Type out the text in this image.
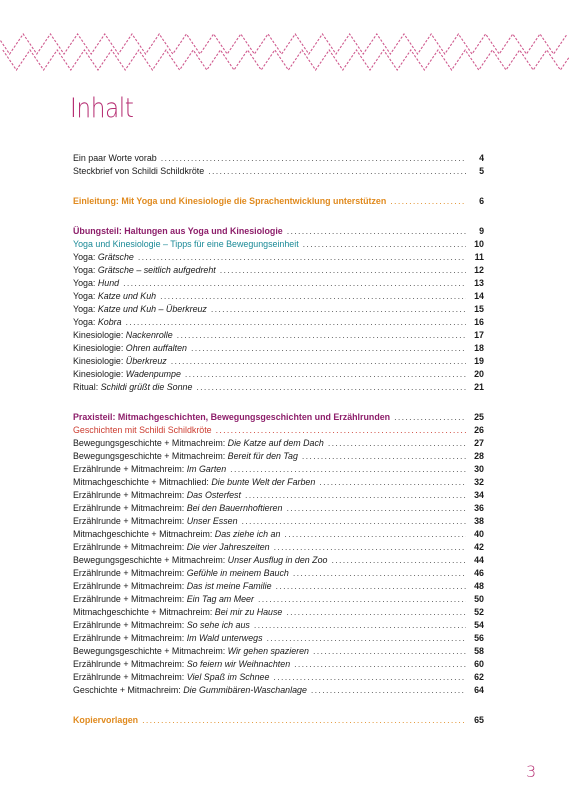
Inhalt
Ein paar Worte vorab .....	4
Steckbrief von Schildi Schildkröte .....	5
Einleitung: Mit Yoga und Kinesiologie die Sprachentwicklung unterstützen .....	6
Übungsteil: Haltungen aus Yoga und Kinesiologie .....	9
Yoga und Kinesiologie – Tipps für eine Bewegungseinheit .....	10
Yoga: Grätsche .....	11
Yoga: Grätsche – seitlich aufgedreht .....	12
Yoga: Hund .....	13
Yoga: Katze und Kuh .....	14
Yoga: Katze und Kuh – Überkreuz .....	15
Yoga: Kobra .....	16
Kinesiologie: Nackenrolle .....	17
Kinesiologie: Ohren auffalten .....	18
Kinesiologie: Überkreuz .....	19
Kinesiologie: Wadenpumpe .....	20
Ritual: Schildi grüßt die Sonne .....	21
Praxisteil: Mitmachgeschichten, Bewegungsgeschichten und Erzählrunden .....	25
Geschichten mit Schildi Schildkröte .....	26
Bewegungsgeschichte + Mitmachreim: Die Katze auf dem Dach .....	27
Bewegungsgeschichte + Mitmachreim: Bereit für den Tag .....	28
Erzählrunde + Mitmachreim: Im Garten .....	30
Mitmachgeschichte + Mitmachlied: Die bunte Welt der Farben .....	32
Erzählrunde + Mitmachreim: Das Osterfest .....	34
Erzählrunde + Mitmachreim: Bei den Bauernhoftieren .....	36
Erzählrunde + Mitmachreim: Unser Essen .....	38
Mitmachgeschichte + Mitmachreim: Das ziehe ich an .....	40
Erzählrunde + Mitmachreim: Die vier Jahreszeiten .....	42
Bewegungsgeschichte + Mitmachreim: Unser Ausflug in den Zoo .....	44
Erzählrunde + Mitmachreim: Gefühle in meinem Bauch .....	46
Erzählrunde + Mitmachreim: Das ist meine Familie .....	48
Erzählrunde + Mitmachreim: Ein Tag am Meer .....	50
Mitmachgeschichte + Mitmachreim: Bei mir zu Hause .....	52
Erzählrunde + Mitmachreim: So sehe ich aus .....	54
Erzählrunde + Mitmachreim: Im Wald unterwegs .....	56
Bewegungsgeschichte + Mitmachreim: Wir gehen spazieren .....	58
Erzählrunde + Mitmachreim: So feiern wir Weihnachten .....	60
Erzählrunde + Mitmachreim: Viel Spaß im Schnee .....	62
Geschichte + Mitmachreim: Die Gummibären-Waschanlage .....	64
Kopiervorlagen .....	65
3
